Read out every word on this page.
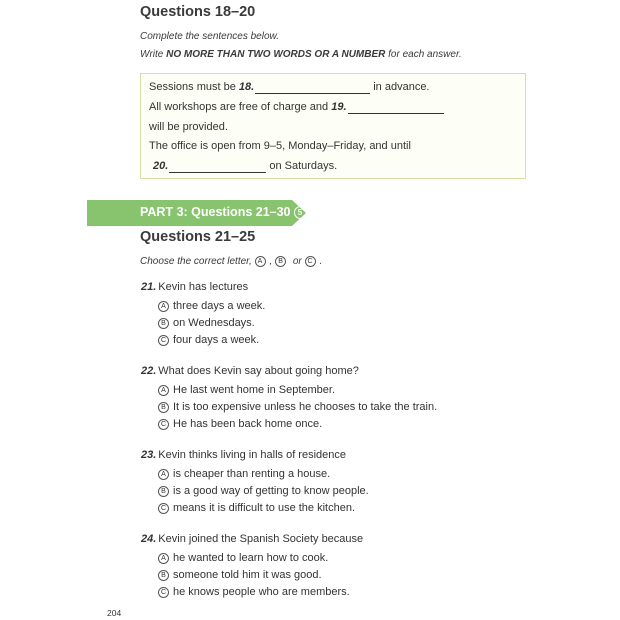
Questions 18–20
Complete the sentences below.
Write NO MORE THAN TWO WORDS OR A NUMBER for each answer.
Sessions must be 18.	in advance.
All workshops are free of charge and 19.
will be provided.
The office is open from 9–5, Monday–Friday, and until
20.	on Saturdays.
PART 3: Questions 21–30 5
Questions 21–25
Choose the correct letter, A , B or C .
21. Kevin has lectures
A three days a week.
B on Wednesdays.
C four days a week.
22. What does Kevin say about going home?
A He last went home in September.
B It is too expensive unless he chooses to take the train.
C He has been back home once.
23. Kevin thinks living in halls of residence
A is cheaper than renting a house.
B is a good way of getting to know people.
C means it is difficult to use the kitchen.
24. Kevin joined the Spanish Society because
A he wanted to learn how to cook.
B someone told him it was good.
C he knows people who are members.
204
